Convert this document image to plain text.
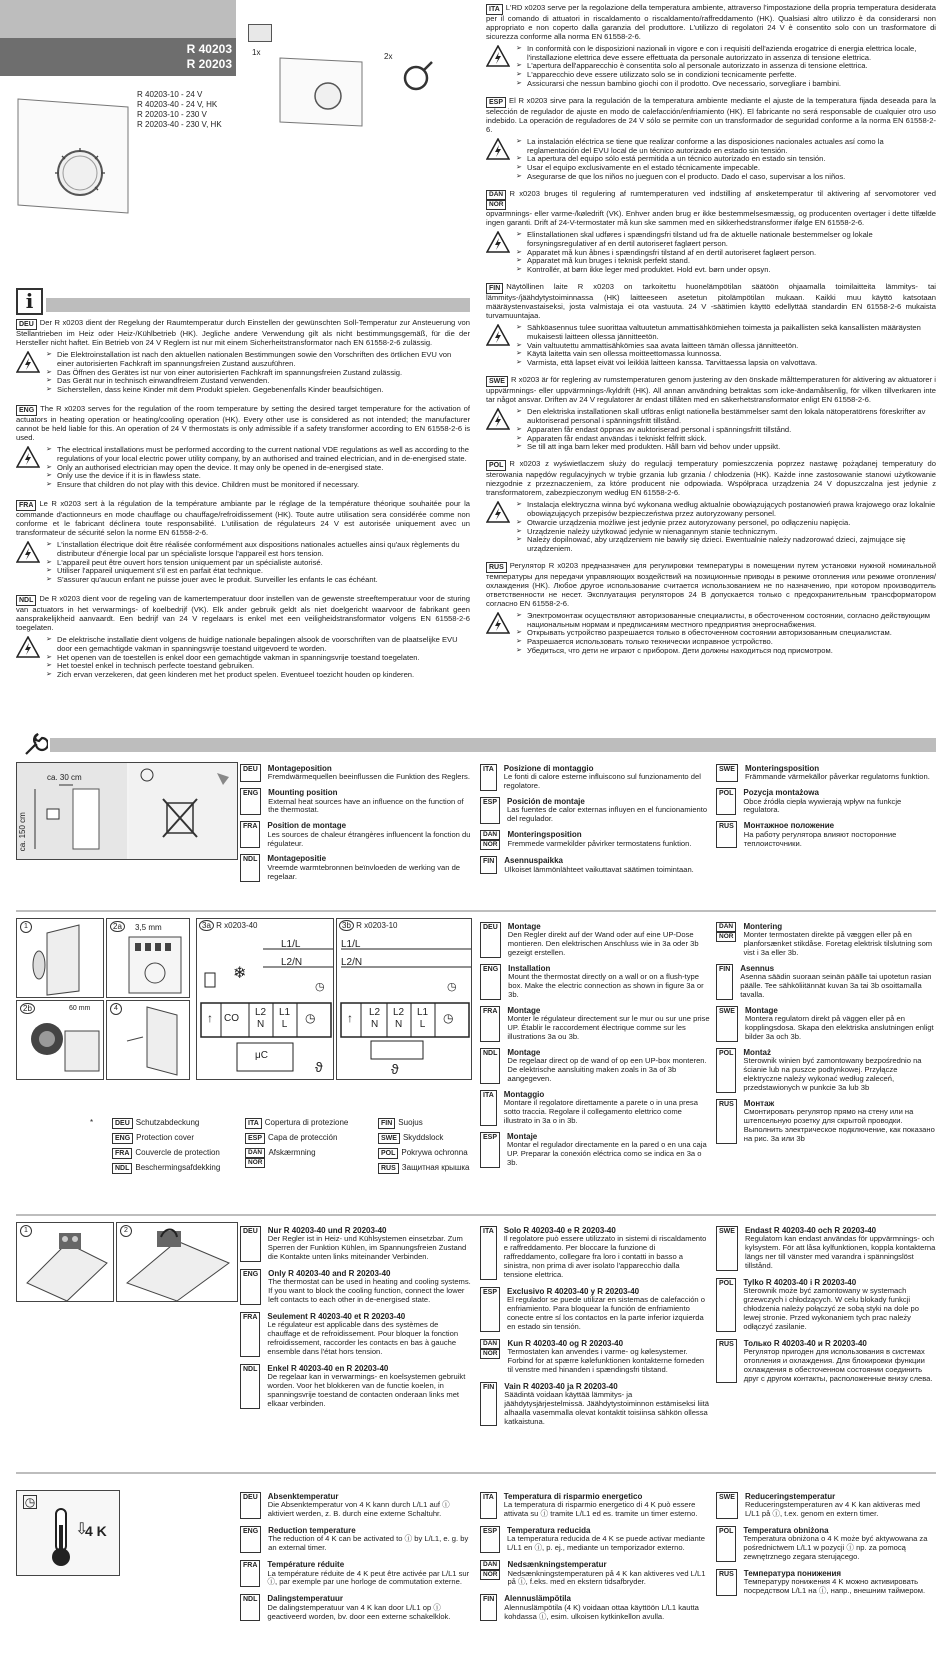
R 40203
R 20203
R 40203-10 - 24 V
R 40203-40 - 24 V, HK
R 20203-10 - 230 V
R 20203-40 - 230 V, HK
1x	2x
i

DEU Der R x0203 dient der Regelung der Raumtemperatur durch Einstellen der gewünschten Soll-Temperatur zur Ansteuerung von Stellantrieben im Heiz oder Heiz-/Kühlbetrieb (HK). Jegliche andere Verwendung gilt als nicht bestimmungsgemäß, für die der Hersteller nicht haftet. Ein Betrieb von 24 V Reglern ist nur mit einem Sicherheitstransformator nach EN 61558-2-6 zulässig.

➢ Die Elektroinstallation ist nach den aktuellen nationalen Bestimmungen sowie den Vorschriften des örtlichen EVU von einer autorisierten Fachkraft im spannungsfreien Zustand auszuführen.
➢ Das Öffnen des Gerätes ist nur von einer autorisierten Fachkraft im spannungsfreien Zustand zulässig.
➢ Das Gerät nur in technisch einwandfreiem Zustand verwenden.
➢ Sicherstellen, dass keine Kinder mit dem Produkt spielen. Gegebenenfalls Kinder beaufsichtigen.

ENG The R x0203 serves for the regulation of the room temperature by setting the desired target temperature for the activation of actuators in heating operation or heating/cooling operation (HK). Every other use is considered as not intended; the manufacturer cannot be held liable for this. An operation of 24 V thermostats is only admissible if a safety transformer according to EN 61558-2-6 is used.

➢ The electrical installations must be performed according to the current national VDE regulations as well as according to the regulations of your local electric power utility company, by an authorised and trained electrician, and in de-energised state.
➢ Only an authorised electrician may open the device. It may only be opened in de-energised state.
➢ Only use the device if it is in flawless state.
➢ Ensure that children do not play with this device. Children must be monitored if necessary.

FRA Le R x0203 sert à la régulation de la température ambiante par le réglage de la température théorique souhaitée pour la commande d'actionneurs en mode chauffage ou chauffage/refroidissement (HK). Toute autre utilisation sera considérée comme non conforme et le fabricant déclinera toute responsabilité. L'utilisation de régulateurs 24 V est autorisée uniquement avec un transformateur de sécurité selon la norme EN 61558-2-6.

➢ L'installation électrique doit être réalisée conformément aux dispositions nationales actuelles ainsi qu'aux règlements du distributeur d'énergie local par un spécialiste lorsque l'appareil est hors tension.
➢ L'appareil peut être ouvert hors tension uniquement par un spécialiste autorisé.
➢ Utiliser l'appareil uniquement s'il est en parfait état technique.
➢ S'assurer qu'aucun enfant ne puisse jouer avec le produit. Surveiller les enfants le cas échéant.

NDL De R x0203 dient voor de regeling van de kamertemperatuur door instellen van de gewenste streeftemperatuur voor de sturing van actuators in het verwarmings- of koelbedrijf (VK). Elk ander gebruik geldt als niet doelgericht waarvoor de fabrikant geen aansprakelijkheid aanvaardt. Een bedrijf van 24 V regelaars is enkel met een veiligheidstransformator volgens EN 61558-2-6 toegelaten.

➢ De elektrische installatie dient volgens de huidige nationale bepalingen alsook de voorschriften van de plaatselijke EVU door een gemachtigde vakman in spanningsvrije toestand uitgevoerd te worden.
➢ Het openen van de toestellen is enkel door een gemachtigde vakman in spanningsvrije toestand toegelaten.
➢ Het toestel enkel in technisch perfecte toestand gebruiken.
➢ Zich ervan verzekeren, dat geen kinderen met het product spelen. Eventueel toezicht houden op kinderen.

ITA L'RD x0203 serve per la regolazione della temperatura ambiente, attraverso l'impostazione della propria temperatura desiderata per il comando di attuatori in riscaldamento o riscaldamento/raffreddamento (HK). Qualsiasi altro utilizzo è da considerarsi non appropriato e non coperto dalla garanzia del produttore. L'utilizzo di regolatori 24 V è consentito solo con un trasformatore di sicurezza conforme alla norma EN 61558-2-6.

➢ In conformità con le disposizioni nazionali in vigore e con i requisiti dell'azienda erogatrice di energia elettrica locale, l'installazione elettrica deve essere effettuata da personale autorizzato in assenza di tensione elettrica.
➢ L'apertura dell'apparecchio è consentita solo al personale autorizzato in assenza di tensione elettrica.
➢ L'apparecchio deve essere utilizzato solo se in condizioni tecnicamente perfette.
➢ Assicurarsi che nessun bambino giochi con il prodotto. Ove necessario, sorvegliare i bambini.

ESP El R x0203 sirve para la regulación de la temperatura ambiente mediante el ajuste de la temperatura fijada deseada para la selección de regulador de ajuste en modo de calefacción/enfriamiento (HK). El fabricante no será responsable de cualquier otro uso indebido. La operación de reguladores de 24 V sólo se permite con un transformador de seguridad conforme a la norma EN 61558-2-6.

➢ La instalación eléctrica se tiene que realizar conforme a las disposiciones nacionales actuales así como la reglamentación del EVU local de un técnico autorizado en estado sin tensión.
➢ La apertura del equipo sólo está permitida a un técnico autorizado en estado sin tensión.
➢ Usar el equipo exclusivamente en el estado técnicamente impecable.
➢ Asegurarse de que los niños no jueguen con el producto. Dado el caso, supervisar a los niños.

DAN
NOR
R x0203 bruges til regulering af rumtemperaturen ved indstilling af ønsketemperatur til aktivering af servomotorer ved opvarmnings- eller varme-/køledrift (VK). Enhver anden brug er ikke bestemmelsesmæssig, og producenten overtager i dette tilfælde ingen garanti. Drift af 24-V-termostater må kun ske sammen med en sikkerhedstransformer ifølge EN 61558-2-6.

➢ Elinstallationen skal udføres i spændingsfri tilstand ud fra de aktuelle nationale bestemmelser og lokale forsyningsregulativer af en dertil autoriseret fagløert person.
➢ Apparatet må kun åbnes i spændingsfri tilstand af en dertil autoriseret fagløert person.
➢ Apparatet må kun bruges i teknisk perfekt stand.
➢ Kontrollér, at børn ikke leger med produktet. Hold evt. børn under opsyn.

FIN Näytöllinen laite R x0203 on tarkoitettu huonelämpötilan säätöön ohjaamalla toimilaitteita lämmitys- tai lämmitys-/jäähdytystoiminnassa (HK) laitteeseen asetetun pitolämpötilan mukaan. Kaikki muu käyttö katsotaan määräystenvastaiseksi, josta valmistaja ei ota vastuuta. 24 V -säätimien käyttö edellyttää standardin EN 61558-2-6 mukaista turvamuuntajaa.

➢ Sähköasennus tulee suorittaa valtuutetun ammattisähkömiehen toimesta ja paikallisten sekä kansallisten määräysten mukaisesti laitteen ollessa jännitteetön.
➢ Vain valtuutettu ammattisähkömies saa avata laitteen tämän ollessa jännitteetön.
➢ Käytä laitetta vain sen ollessa moitteettomassa kunnossa.
➢ Varmista, että lapset eivät voi leikkiä laitteen kanssa. Tarvittaessa lapsia on valvottava.

SWE R x0203 är för reglering av rumstemperaturen genom justering av den önskade målttemperaturen för aktivering av aktuatorer i uppvärmnings- eller uppvärmnings-/kyldrift (HK). All annan användning betraktas som icke-ändamålsenlig, för vilken tillverkaren inte tar något ansvar. Driften av 24 V regulatorer är endast tillåten med en säkerhetstransformator enligt EN 61558-2-6.

➢ Den elektriska installationen skall utföras enligt nationella bestämmelser samt den lokala nätoperatörens föreskrifter av auktoriserad personal i spänningsfritt tillstånd.
➢ Apparaten får endast öppnas av auktoriserad personal i spänningsfritt tillstånd.
➢ Apparaten får endast användas i tekniskt felfritt skick.
➢ Se till att inga barn leker med produkten. Håll barn vid behov under uppsikt.

POL R x0203 z wyświetlaczem służy do regulacji temperatury pomieszczenia poprzez nastawę pożądanej temperatury do sterowania napędów regulacyjnych w trybie grzania lub grzania / chłodzenia (HK). Każde inne zastosowanie stanowi użytkowanie niezgodnie z przeznaczeniem, za które producent nie odpowiada. Współpraca urządzenia 24 V dopuszczalna jest jedynie z transformatorem, zabezpieczonym według EN 61558-2-6.

➢ Instalacja elektryczna winna być wykonana według aktualnie obowiązujących postanowień prawa krajowego oraz lokalnie obowiązujących przepisów bezpieczeństwa przez autoryzowany personel.
➢ Otwarcie urządzenia możliwe jest jedynie przez autoryzowany personel, po odłączeniu napięcia.
➢ Urządzenie należy użytkować jedynie w nienagannym stanie technicznym.
➢ Należy dopilnować, aby urządzeniem nie bawiły się dzieci. Ewentualnie należy nadzorować dzieci, zajmujące się urządzeniem.

RUS Регулятор R x0203 предназначен для регулировки температуры в помещении путем установки нужной номинальной температуры для передачи управляющих воздействий на позиционные приводы в режиме отопления или режиме отопления/охлаждения (HK). Любое другое использование считается использованием не по назначению, при котором производитель ответственности не несет. Эксплуатация регуляторов 24 В допускается только с предохранительным трансформатором согласно EN 61558-2-6.

➢ Электромонтаж осуществляют авторизованные специалисты, в обесточенном состоянии, согласно действующим национальным нормам и предписаниям местного предприятия энергоснабжения.
➢ Открывать устройство разрешается только в обесточенном состоянии авторизованным специалистам.
➢ Разрешается использовать только технически исправное устройство.
➢ Убедиться, что дети не играют с прибором. Дети должны находиться под присмотром.
ca. 30 cm
ca. 150 cm
DEU	Montageposition
Fremdwärmequellen beeinflussen die Funktion des Reglers.
ENG	Mounting position
External heat sources have an influence on the function of the thermostat.
FRA	Position de montage
Les sources de chaleur étrangères influencent la fonction du régulateur.
NDL	Montagepositie
Vreemde warmtebronnen beïnvloeden de werking van de regelaar.
ITA	Posizione di montaggio
Le fonti di calore esterne influiscono sul funzionamento del regolatore.
ESP	Posición de montaje
Las fuentes de calor externas influyen en el funcionamiento del regulador.
DAN
NOR
Monteringsposition
Fremmede varmekilder påvirker termostatens funktion.
FIN	Asennuspaikka
Ulkoiset lämmönlähteet vaikuttavat säätimen toimintaan.
SWE	Monteringsposition
Främmande värmekällor påverkar regulatorns funktion.
POL	Pozycja montażowa
Obce źródła ciepła wywierają wpływ na funkcje regulatora.
RUS	Монтажное положение
На работу регулятора влияют посторонние теплоисточники.
1	2a	3,5 mm
2b	60 mm	4
3a R x0203-40
L1/L
L2/N
❄
◷
↑ CO
L2
N
L1
L ◷
μC
ϑ
3b R x0203-10
L1/L
L2/N
◷
↑ L2
N
L2
N
L1
L ◷
ϑ
*	DEU Schutzabdeckung
ENG Protection cover
FRA Couvercle de protection
NDL Beschermingsafdekking
ITA Copertura di protezione
ESP Capa de protección
DAN
NOR
Afskærmning
FIN Suojus
SWE Skyddslock
POL Pokrywa ochronna
RUS Защитная крышка
DEU	Montage
Den Regler direkt auf der Wand oder auf eine UP-Dose montieren. Den elektrischen Anschluss wie in 3a oder 3b gezeigt erstellen.
ENG	Installation
Mount the thermostat directly on a wall or on a flush-type box. Make the electric connection as shown in figure 3a or 3b.
FRA	Montage
Monter le régulateur directement sur le mur ou sur une prise UP. Établir le raccordement électrique comme sur les illustrations 3a ou 3b.
NDL	Montage
De regelaar direct op de wand of op een UP-box monteren. De elektrische aansluiting maken zoals in 3a of 3b aangegeven.
ITA	Montaggio
Montare il regolatore direttamente a parete o in una presa sotto traccia. Regolare il collegamento elettrico come illustrato in 3a o in 3b.
ESP	Montaje
Montar el regulador directamente en la pared o en una caja UP. Preparar la conexión eléctrica como se indica en 3a o 3b.
DAN
NOR
Montering
Monter termostaten direkte på væggen eller på en planforsænket stikdåse. Foretag elektrisk tilslutning som vist i 3a eller 3b.
FIN	Asennus
Asenna säädin suoraan seinän päälle tai upotetun rasian päälle. Tee sähköliitännät kuvan 3a tai 3b osoittamalla tavalla.
SWE	Montage
Montera regulatorn direkt på väggen eller på en kopplingsdosa. Skapa den elektriska anslutningen enligt bilder 3a och 3b.
POL	Montaż
Sterownik winien być zamontowany bezpośrednio na ścianie lub na puszce podtynkowej. Przyłącze elektryczne należy wykonać według zaleceń, przedstawionych w punkcie 3a lub 3b
RUS	Монтаж
Смонтировать регулятор прямо на стену или на штепсельную розетку для скрытой проводки. Выполнить электрическое подключение, как показано на рис. 3a или 3b
1	2	DEU	Nur R 40203-40 und R 20203-40
Der Regler ist in Heiz- und Kühlsystemen einsetzbar. Zum Sperren der Funktion Kühlen, im Spannungsfreien Zustand die Kontakte unten links miteinander Verbinden.
ENG	Only R 40203-40 and R 20203-40
The thermostat can be used in heating and cooling systems. If you want to block the cooling function, connect the lower left contacts to each other in de-energised state.
FRA	Seulement R 40203-40 et R 20203-40
Le régulateur est applicable dans des systèmes de chauffage et de refroidissement. Pour bloquer la fonction refroidissement, raccorder les contacts en bas à gauche ensemble dans l'état hors tension.
NDL	Enkel R 40203-40 en R 20203-40
De regelaar kan in verwarmings- en koelsystemen gebruikt worden. Voor het blokkeren van de functie koelen, in spanningsvrije toestand de contacten onderaan links met elkaar verbinden.
ITA	Solo R 40203-40 e R 20203-40
Il regolatore può essere utilizzato in sistemi di riscaldamento e raffreddamento. Per bloccare la funzione di raffreddamento, collegare fra loro i contatti in basso a sinistra, non prima di aver isolato l'apparecchio dalla tensione elettrica.
ESP	Exclusivo R 40203-40 y R 20203-40
El regulador se puede utilizar en sistemas de calefacción o enfriamiento. Para bloquear la función de enfriamiento conecte entre sí los contactos en la parte inferior izquierda en estado sin tensión.
DAN
NOR
Kun R 40203-40 og R 20203-40
Termostaten kan anvendes i varme- og kølesystemer. Forbind for at spærre kølefunktionen kontakterne forneden til venstre med hinanden i spændingsfri tilstand.
FIN	Vain R 40203-40 ja R 20203-40
Säädintä voidaan käyttää lämmitys- ja jäähdytysjärjestelmissä. Jäähdytystoiminnon estämiseksi liitä alhaalla vasemmalla olevat kontaktit toisiinsa sähkön ollessa katkaistuna.
SWE	Endast R 40203-40 och R 20203-40
Regulatorn kan endast användas för uppvärmnings- och kylsystem. För att låsa kylfunktionen, koppla kontakterna längs ner till vänster med varandra i spänningslöst tillstånd.
POL	Tylko R 40203-40 i R 20203-40
Sterownik może być zamontowany w systemach grzewczych i chłodzących. W celu blokady funkcji chłodzenia należy połączyć ze sobą styki na dole po lewej stronie. Przed wykonaniem tych prac należy odłączyć zasilanie.
RUS	Только R 40203-40 и R 20203-40
Регулятор пригоден для использования в системах отопления и охлаждения. Для блокировки функции охлаждения в обесточенном состоянии соединить друг с другом контакты, расположенные внизу слева.
◷
⇩
4 K
DEU	Absenktemperatur
Die Absenktemperatur von 4 K kann durch L/L1 auf ⓘ aktiviert werden, z. B. durch eine externe Schaltuhr.
ENG	Reduction temperature
The reduction of 4 K can be activated to ⓘ by L/L1, e. g. by an external timer.
FRA	Température réduite
La température réduite de 4 K peut être activée par L/L1 sur ⓘ, par exemple par une horloge de commutation externe.
NDL	Dalingstemperatuur
De dalingstemperatuur van 4 K kan door L/L1 op ⓘ geactiveerd worden, bv. door een externe schakelklok.
ITA	Temperatura di risparmio energetico
La temperatura di risparmio energetico di 4 K può essere attivata su ⓘ tramite L/L1 ed es. tramite un timer esterno.
ESP	Temperatura reducida
La temperatura reducida de 4 K se puede activar mediante L/L1 en ⓘ, p. ej., mediante un temporizador externo.
DAN
NOR
Nedsænkningstemperatur
Nedsænkningstemperaturen på 4 K kan aktiveres ved L/L1 på ⓘ, f.eks. med en ekstern tidsafbryder.
FIN	Alennuslämpötila
Alennuslämpötila (4 K) voidaan ottaa käyttöön L/L1 kautta kohdassa ⓘ, esim. ulkoisen kytkinkellon avulla.
SWE	Reduceringstemperatur
Reduceringstemperaturen av 4 K kan aktiveras med L/L1 på ⓘ, t.ex. genom en extern timer.
POL	Temperatura obniżona
Temperatura obniżona o 4 K może być aktywowana za pośrednictwem L/L1 w pozycji ⓘ np. za pomocą zewnętrznego zegara sterującego.
RUS	Температура понижения
Температуру понижения 4 K можно активировать посредством L/L1 на ⓘ, напр., внешним таймером.
